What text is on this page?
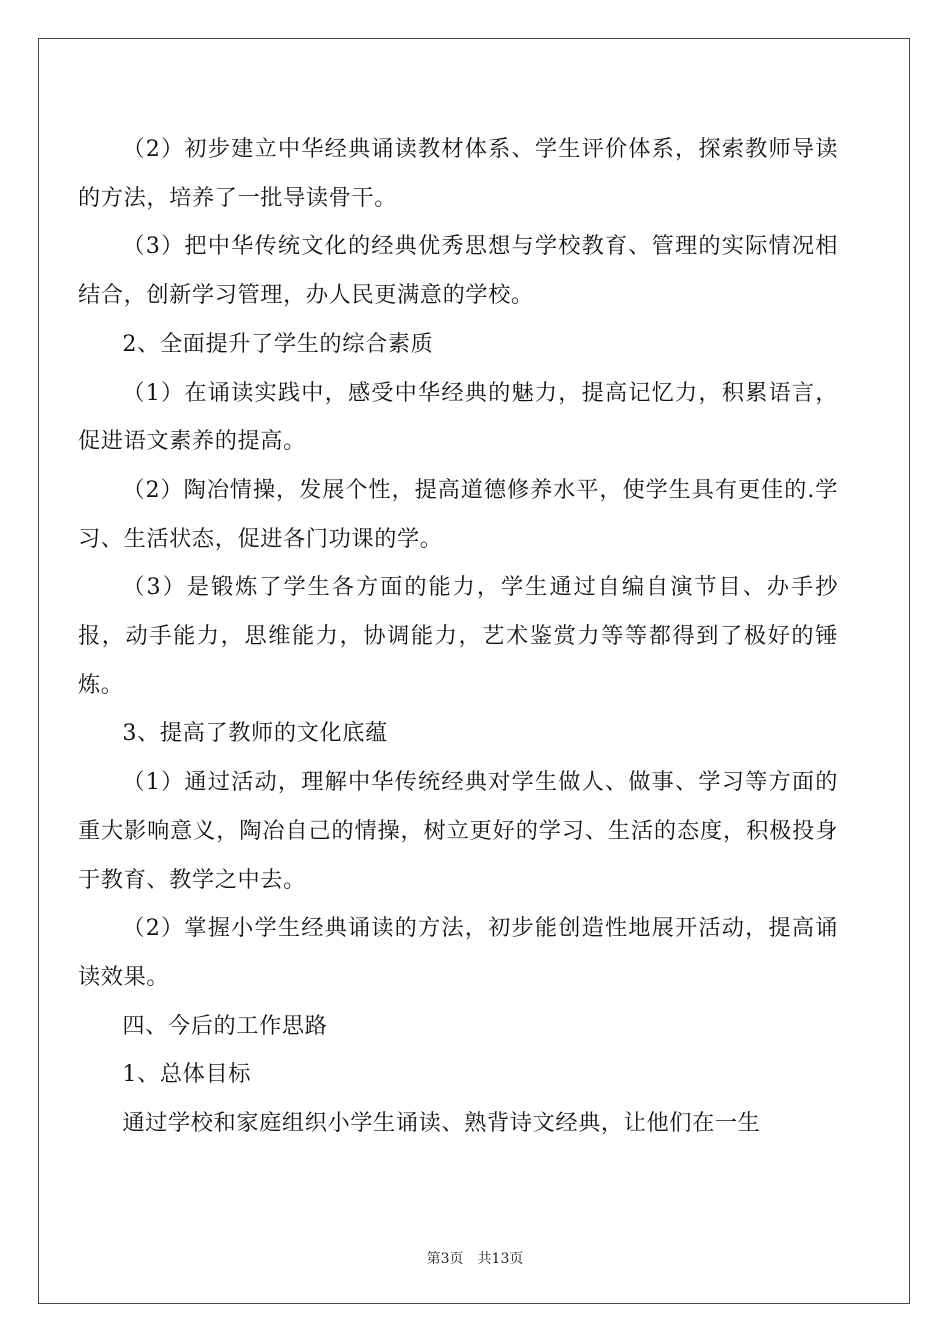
（2）初步建立中华经典诵读教材体系、学生评价体系，探索教师导读的方法，培养了一批导读骨干。

（3）把中华传统文化的经典优秀思想与学校教育、管理的实际情况相结合，创新学习管理，办人民更满意的学校。

2、全面提升了学生的综合素质

（1）在诵读实践中，感受中华经典的魅力，提高记忆力，积累语言，促进语文素养的提高。

（2）陶冶情操，发展个性，提高道德修养水平，使学生具有更佳的.学习、生活状态，促进各门功课的学。

（3）是锻炼了学生各方面的能力，学生通过自编自演节目、办手抄报，动手能力，思维能力，协调能力，艺术鉴赏力等等都得到了极好的锤炼。

3、提高了教师的文化底蕴

（1）通过活动，理解中华传统经典对学生做人、做事、学习等方面的重大影响意义，陶冶自己的情操，树立更好的学习、生活的态度，积极投身于教育、教学之中去。

（2）掌握小学生经典诵读的方法，初步能创造性地展开活动，提高诵读效果。

四、今后的工作思路

1、总体目标

通过学校和家庭组织小学生诵读、熟背诗文经典，让他们在一生

第3页　共13页
